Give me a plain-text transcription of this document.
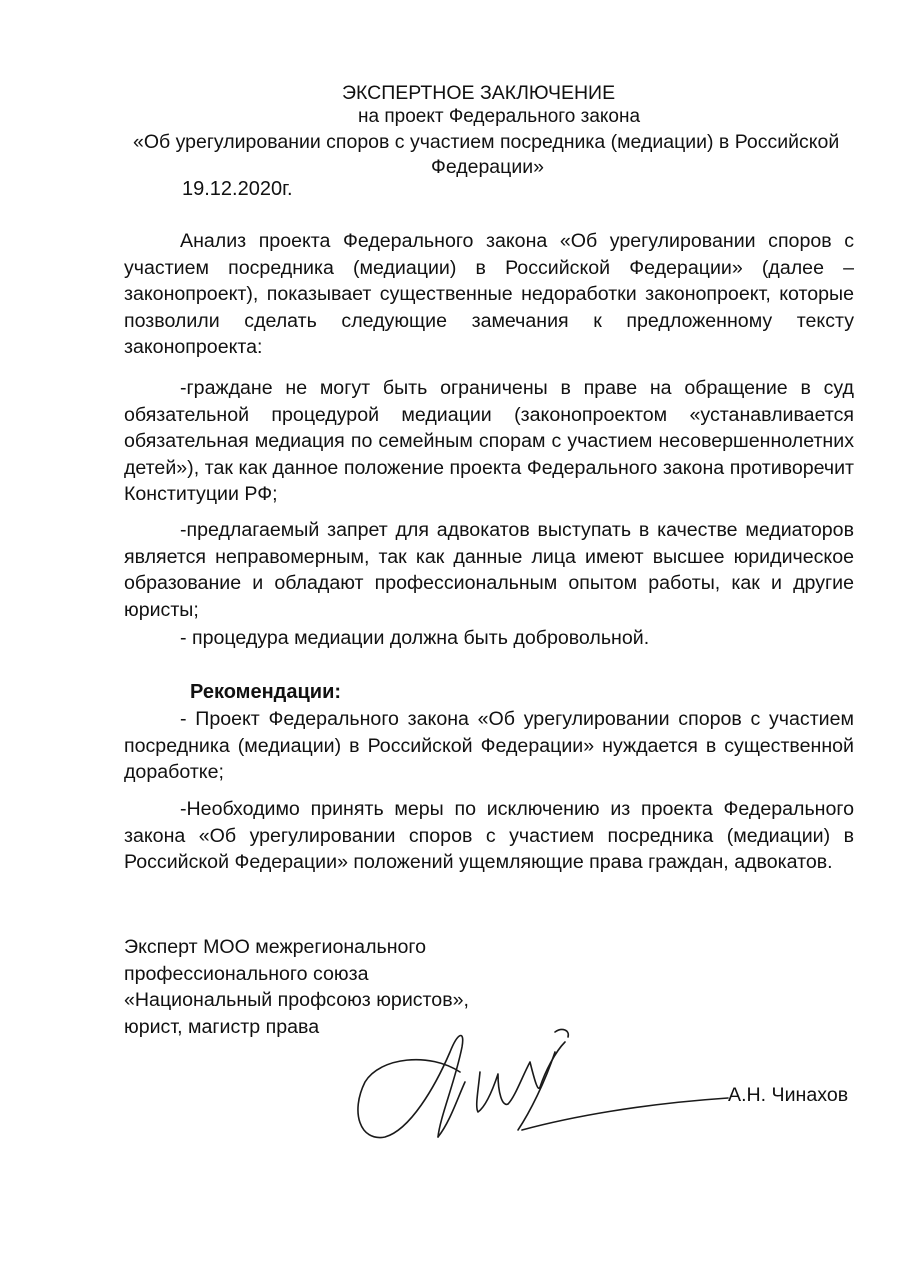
ЭКСПЕРТНОЕ ЗАКЛЮЧЕНИЕ
на проект Федерального закона
«Об урегулировании споров с участием посредника (медиации) в Российской
Федерации»
19.12.2020г.

Анализ проекта Федерального закона «Об урегулировании споров с участием посредника (медиации) в Российской Федерации» (далее – законопроект), показывает существенные недоработки законопроект, которые позволили сделать следующие замечания к предложенному тексту законопроекта:

-граждане не могут быть ограничены в праве на обращение в суд обязательной процедурой медиации (законопроектом «устанавливается обязательная медиация по семейным спорам с участием несовершеннолетних детей»), так как данное положение проекта Федерального закона противоречит Конституции РФ;

-предлагаемый запрет для адвокатов выступать в качестве медиаторов является неправомерным, так как данные лица имеют высшее юридическое образование и обладают профессиональным опытом работы, как и другие юристы;

- процедура медиации должна быть добровольной.

Рекомендации:

- Проект Федерального закона «Об урегулировании споров с участием посредника (медиации) в Российской Федерации» нуждается в существенной доработке;

-Необходимо принять меры по исключению из проекта Федерального закона «Об урегулировании споров с участием посредника (медиации) в Российской Федерации» положений ущемляющие права граждан, адвокатов.

Эксперт МОО межрегионального
профессионального союза
«Национальный профсоюз юристов»,
юрист, магистр права
А.Н. Чинахов
